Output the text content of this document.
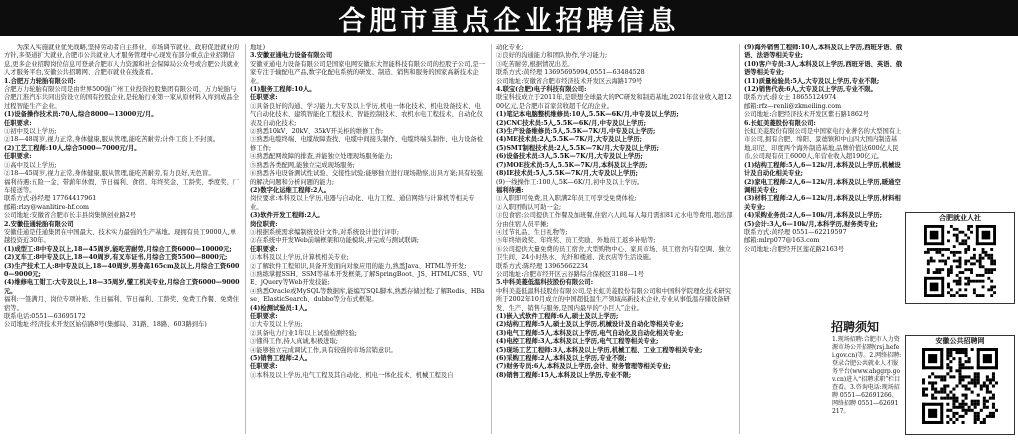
合肥市重点企业招聘信息

为深入实施就业优先战略,坚持劳动者自主择业、市场调节就业、政府促进就业的方针,多渠道扩大就业,合肥市公共就业人才服务管理中心现发布部分重点企业招聘信息,更多企业招聘岗位信息可登录合肥市人力资源和社会保障局公众号或合肥公共就业人才服务平台,安徽公共招聘网、合肥市就业在线查看。

1.合肥万力轮胎有限公司:

合肥万力轮胎有限公司是由世界500强广州工业投资控股集团有限公司、万力轮胎与合肥江淮汽车共同出资设立的国有控股企业,是轮胎行业第一家从原材料入库到成品全过程智能生产企业。

(1)设备操作技术员:70人,综合8000—13000元/月。

任职要求:

①初中及以上学历;

②18—48周岁,视力正常,身体健康,服从管理,能吃苦耐劳;计件工资上不封顶。

(2)工艺工程师:10人,综合5000—7000元/月。

任职要求:

①高中及以上学历;

②18—45周岁,视力正常,身体健康,服从管理,能吃苦耐劳,有力良好,无色盲。

福利待遇:五险一金、带薪年休假、节日福利、食宿、年终奖金、工龄奖、季度奖、厂车接送等。

联系方式:孙经理 17764417961

邮箱:rlzy@wanlitire-hf.com

公司地址:安徽省合肥市长丰县岗集镇创业路2号

2.安徽佳通轮胎有限公司

安徽佳通是佳通集团在中国最大、技术实力最强的生产基地。现拥有员工9000人,单越投资近30年。

(1)成型工:8中专及以上,18—45周岁,能吃苦耐劳,月综合工资6000—10000元;

(2)叉车工:8中专及以上,18—40周岁,有叉车证书,月综合工资5500—8000元;

(3)生产技术工人:8中专及以上,18—40周岁,男身高165cm及以上,月综合工资6000—9000元;

(4)维修电工钳工:大专及以上,18—35周岁,懂工机关专业,月综合工资6000—9000元。

福利:一签满月、岗位专项补贴、生日福利、节日福利、工龄奖、免费工作餐、免费住宿等。

联系电话:0551—63695172

公司地址:经济技术开发区始信路8号(集邮局、31路、18路、603路到车)

地址)

3.安徽亚通电力设备有限公司

安徽亚通电力设备有限公司是国家电网安徽东大智能科技有限公司的控股子公司,是一家专注于输配电产品,数字化配电系统的研发、制造、销售和服务的国家高新技术企业。

(1)服务工程师:10人。

任职要求:

①具备良好的沟通、学习能力,大专及以上学历,机电一体化技术、机电设备技术、电气自动化技术、建筑智能化工程技术、智能控制技术、农机水电工程技术、自动化仪表及自动化技术;

②熟悉10kV、20kV、35kV开关柜的维修工作;

③熟悉电缆终端、电缆故障查找、电缆中间接头制作、电缆终端头制作、电力设备检修工作;

④熟悉配网故障的排查,并能独立处理现场服务能力;

⑤熟悉各类配网,能独立完成现场服务;

⑥熟悉各电设备测试性试验、交接性试验;能够独立进行现场勘察,出具方案;具有较强的解决问题和分析问题的能力;

(2)数字化运维工程师:2人。

岗位要求:本科及以上学历,电器与自动化、电力工程、通信网络与计算机等相关专业。

(3)软件开发工程师:2人。

岗位职责:

①根据系统需求编制统设计文件,对系统设计进行评审;

②在系统中开发Web前端框架和功能模块,并完成与测试联调;

任职要求:

①本科及以上学历,计算机相关专业;

②了解软件工程知识,具备开发面向对象应用的能力,熟悉Java、HTML等开发;

③熟练掌握SSH、SSM等基本开发框架,了解SpringBoot、JS、HTML/CSS、VUE、jQuery等Web开发技能;

④熟悉Oracle或MySQL等数据库,能编写SQL脚本,熟悉存储过程;了解Redis、HBase、ElasticSearch、dubbo等分布式框架。

(4)检测试验员:1人。

任职要求:

①大专及以上学历;

②具备电力行业1年以上试验检测经验;

③懂得工作,持人真诚,积极进取;

④能够独立完成调试工作,具有较强的市场营销意识。

(5)销售工程师:2人。

任职要求:

①本科及以上学历,电气工程及其自动化、机电一体化技术、机械工程及自

动化专业;

②良好的沟通能力和团队协作,学习能力;

③吃苦耐劳,根据情况出差。

联系方式:黄经理 13695695994,0551—63484528

公司地址:安徽省合肥市经济技术开发区云海路179号

4.联宝(合肥)电子科技有限公司:

联宝科技成立于2011年,是联想全球最大的PC研发和制造基地,2021年营业收入超1200亿元,是合肥市首家营收超千亿的企业。

(1)笔记本电脑整机维修员:10人,5.5K—6K/月,中专及以上学历;

(2)CNC技术员:5人,5.5K—6K/月,中专及以上学历;

(3)生产设备维修员:5人,5.5K—7K/月,中专及以上学历;

(4)ME技术员:2人,5.5K—7K/月,大专及以上学历;

(5)SMT制程技术员:2人,5.5K—7K/月,大专及以上学历;

(6)设备技术员:3人,5.5K—7K/月,大专及以上学历;

(7)MOE技术员:5人,5.5K—7K/月,本科及以上学历;

(8)IE技术员:5人,5.5K—7K/月,大专及以上学历;

(9)一线操作工:100人,5K—6K/月,初中及以上学历。

福利待遇:

①入职即可免费,且入职满2年员工可享受免费体检;

②入职团购认可助一金;

③包食宿:公司提供工作餐及加班餐,住宿六人间,每人每月需扣81元水电等费用,超出部分由住宿人员平摊;

④过节礼品、生日礼物等;

⑤年终绩效奖、年终奖、员工奖励、外地员工返乡补贴等;

⑥公司提供大量免费的员工宿舍,大型购物中心、家具市场、员工宿舍内有空调、独立卫生间、24小时热水、光纤和楼道、洗衣店等生活设施。

联系方式:陈经理 13965662234

公司地址:合肥市经开区云谷路综合保税区3188—1号

5.中科美菱低温科技股份有限公司:

中科美菱低温科技股份有限公司,是长虹美菱股份有限公司和中国科学院理化技术研究所于2002年10月成立的中国超低温生产领域高新技术企业,专业从事低温存储设备研发、生产、销售与服务,是国内最早的“小巨人”企业。

(1)嵌入式软件工程师:6人,硕士及以上学历;

(2)结构工程师:5人,硕士及以上学历,机械设计及自动化等相关专业;

(3)电气工程师:5人,本科及以上学历,电气自动化及自动化相关专业;

(4)电控工程师:3人,本科及以上学历,电气工程等相关专业;

(5)现场工艺工程师:3人,本科及以上学历,机械工程、工业工程等相关专业;

(6)采购工程师:2人,本科及以上学历,专业不限;

(7)财务专员:6人,本科及以上学历,会计、财务管理等相关专业;

(8)销售工程师:15人,本科及以上学历,专业不限;

(9)海外销售工程师:10人,本科及以上学历,西班牙语、俄语、法语等相关专业;

(10)客户专员:3人,本科及以上学历,西班牙语、英语、俄语等相关专业;

(11)质量检验员:5人,大专及以上学历,专业不限;

(12)销售代表:6人,大专及以上学历,专业不限。

联系方式:薛女士 18655124974

邮箱:rfz—renli@zkmeiling.com

公司地址:合肥经济技术开发区紫石路1862号

6.长虹美菱股份有限公司:

长虹美菱股份有限公司是中国家电行业著名的大型国有上市公司,拥有合肥、绵阳、景德镇和中山四大国内制造基地,印尼、印度两个海外制造基地,品牌价值达600亿人民币,公司现有员工6000人,年营业收入超190亿元。

(1)结构工程师:5人,6—12k/月,本科及以上学历,机械设计及自动化相关专业;

(2)家电工程师:2人,6—12k/月,本科及以上学历,暖通空调相关专业;

(3)材料工程师:2人,6—12k/月,本科及以上学历,材料相关专业;

(4)采购业务员:2人,6—10k/月,本科及以上学历;

(5)会计:3人,6—10k/月,本科学历,财务类专业;

联系方式:黄经理 0551—62219597

邮箱:mlrp077@163.com

公司地址:合肥经开区莲花路2163号

合肥就业人社
安徽公共招聘网
招聘须知
1.现场招聘:合肥市人力资源市场公开招聘(rsj.hefei.gov.cn)等。2.网络招聘:登录合肥公共就业人才服务平台(www.ahggrp.gov.cn)进入“招聘求职”栏目查看。3.咨询电话:现场招聘 0551—62691266、网络招聘 0551—62691217。
